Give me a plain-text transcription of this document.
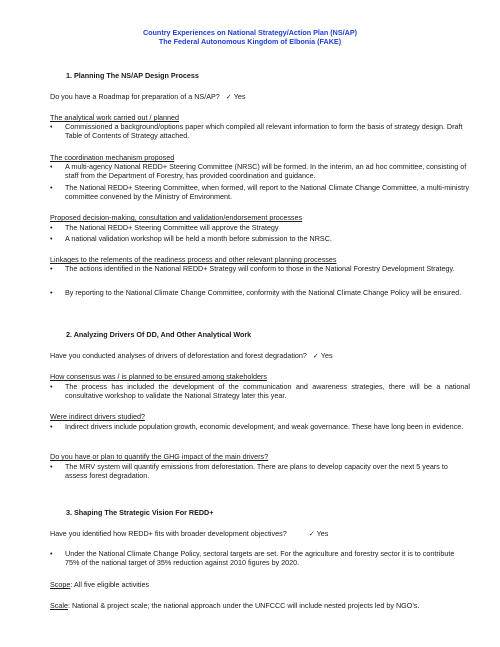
Country Experiences on National Strategy/Action Plan (NS/AP)
The Federal Autonomous Kingdom of Elbonia (FAKE)
1. Planning The NS/AP Design Process
Do you have a Roadmap for preparation of a NS/AP? ✓ Yes
The analytical work carried out / planned
• Commissioned a background/options paper which compiled all relevant information to form the basis of strategy design. Draft Table of Contents of Strategy attached.
The coordination mechanism proposed
• A multi-agency National REDD+ Steering Committee (NRSC) will be formed. In the interim, an ad hoc committee, consisting of staff from the Department of Forestry, has provided coordination and guidance.
• The National REDD+ Steering Committee, when formed, will report to the National Climate Change Committee, a multi-ministry committee convened by the Ministry of Environment.
Proposed decision-making, consultation and validation/endorsement processes
• The National REDD+ Steering Committee will approve the Strategy
• A national validation workshop will be held a month before submission to the NRSC.
Linkages to the relements of the readiness process and other relevant planning processes
• The actions identified in the National REDD+ Strategy will conform to those in the National Forestry Development Strategy.
• By reporting to the National Climate Change Committee, conformity with the National Climate Change Policy will be ensured.
2. Analyzing Drivers Of DD, And Other Analytical Work
Have you conducted analyses of drivers of deforestation and forest degradation? ✓ Yes
How consensus was / is planned to be ensured among stakeholders
• The process has included the development of the communication and awareness strategies, there will be a national consultative workshop to validate the National Strategy later this year.
Were indirect drivers studied?
• Indirect drivers include population growth, economic development, and weak governance. These have long been in evidence.
Do you have or plan to quantify the GHG impact of the main drivers?
• The MRV system will quantify emissions from deforestation. There are plans to develop capacity over the next 5 years to assess forest degradation.
3. Shaping The Strategic Vision For REDD+
Have you identified how REDD+ fits with broader development objectives?	✓ Yes
• Under the National Climate Change Policy, sectoral targets are set. For the agriculture and forestry sector it is to contribute 75% of the national target of 35% reduction against 2010 figures by 2020.
Scope: All five eligible activities
Scale: National & project scale; the national approach under the UNFCCC will include nested projects led by NGO’s.
